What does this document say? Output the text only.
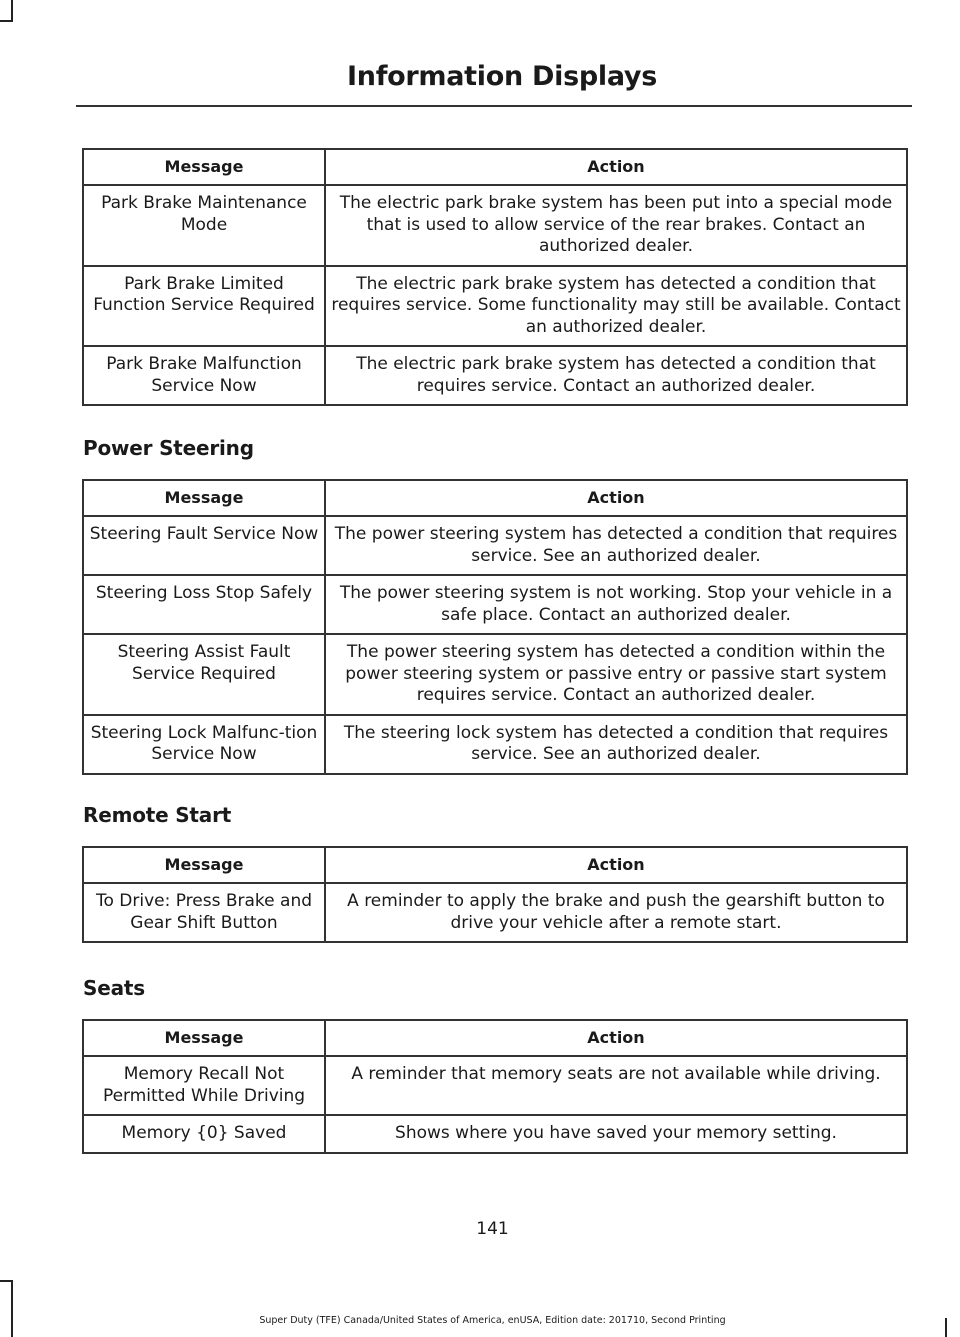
Information Displays
Message	Action
Park Brake Maintenance Mode	The electric park brake system has been put into a special mode that is used to allow service of the rear brakes. Contact an authorized dealer.
Park Brake Limited Function Service Required	The electric park brake system has detected a condition that requires service. Some functionality may still be available. Contact an authorized dealer.
Park Brake Malfunction Service Now	The electric park brake system has detected a condition that requires service. Contact an authorized dealer.
Power Steering
Message	Action
Steering Fault Service Now	The power steering system has detected a condition that requires service. See an authorized dealer.
Steering Loss Stop Safely	The power steering system is not working. Stop your vehicle in a safe place. Contact an authorized dealer.
Steering Assist Fault Service Required	The power steering system has detected a condition within the power steering system or passive entry or passive start system requires service. Contact an authorized dealer.
Steering Lock Malfunc-tion Service Now	The steering lock system has detected a condition that requires service. See an authorized dealer.
Remote Start
Message	Action
To Drive: Press Brake and Gear Shift Button	A reminder to apply the brake and push the gearshift button to drive your vehicle after a remote start.
Seats
Message	Action
Memory Recall Not Permitted While Driving	A reminder that memory seats are not available while driving.
Memory {0} Saved	Shows where you have saved your memory setting.
141
Super Duty (TFE) Canada/United States of America, enUSA, Edition date: 201710, Second Printing
